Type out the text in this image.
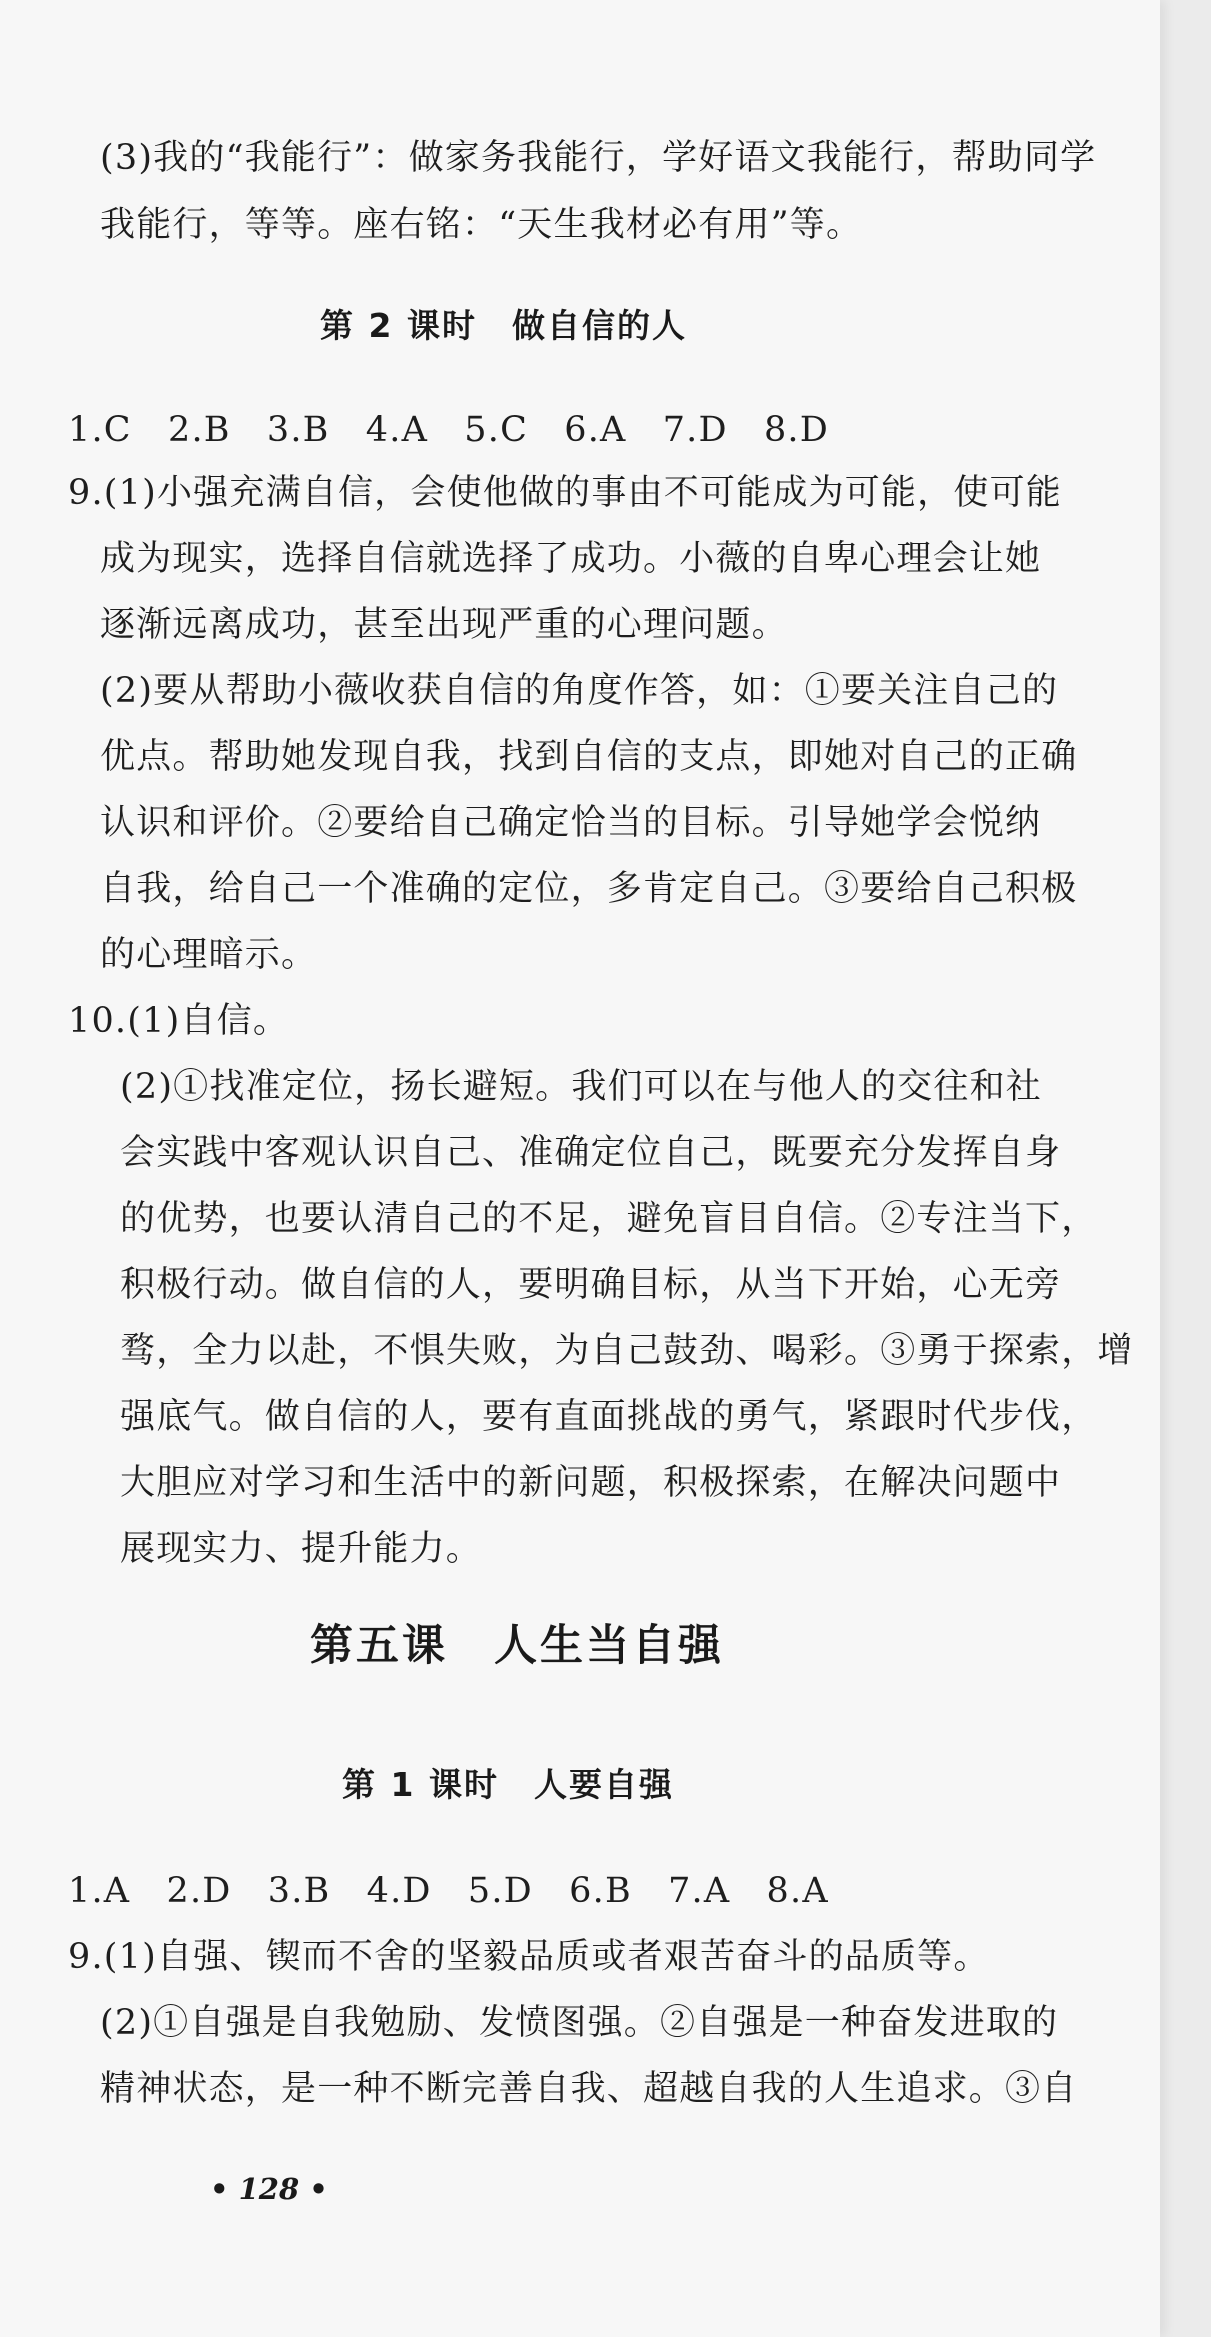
(3)我的“我能行”：做家务我能行，学好语文我能行，帮助同学
我能行，等等。座右铭：“天生我材必有用”等。
第 2 课时　做自信的人
1.C　2.B　3.B　4.A　5.C　6.A　7.D　8.D
9.(1)小强充满自信，会使他做的事由不可能成为可能，使可能
成为现实，选择自信就选择了成功。小薇的自卑心理会让她
逐渐远离成功，甚至出现严重的心理问题。
(2)要从帮助小薇收获自信的角度作答，如：①要关注自己的
优点。帮助她发现自我，找到自信的支点，即她对自己的正确
认识和评价。②要给自己确定恰当的目标。引导她学会悦纳
自我，给自己一个准确的定位，多肯定自己。③要给自己积极
的心理暗示。
10.(1)自信。
(2)①找准定位，扬长避短。我们可以在与他人的交往和社
会实践中客观认识自己、准确定位自己，既要充分发挥自身
的优势，也要认清自己的不足，避免盲目自信。②专注当下，
积极行动。做自信的人，要明确目标，从当下开始，心无旁
骛，全力以赴，不惧失败，为自己鼓劲、喝彩。③勇于探索，增
强底气。做自信的人，要有直面挑战的勇气，紧跟时代步伐，
大胆应对学习和生活中的新问题，积极探索，在解决问题中
展现实力、提升能力。
第五课　人生当自强
第 1 课时　人要自强
1.A　2.D　3.B　4.D　5.D　6.B　7.A　8.A
9.(1)自强、锲而不舍的坚毅品质或者艰苦奋斗的品质等。
(2)①自强是自我勉励、发愤图强。②自强是一种奋发进取的
精神状态，是一种不断完善自我、超越自我的人生追求。③自
• 128 •
